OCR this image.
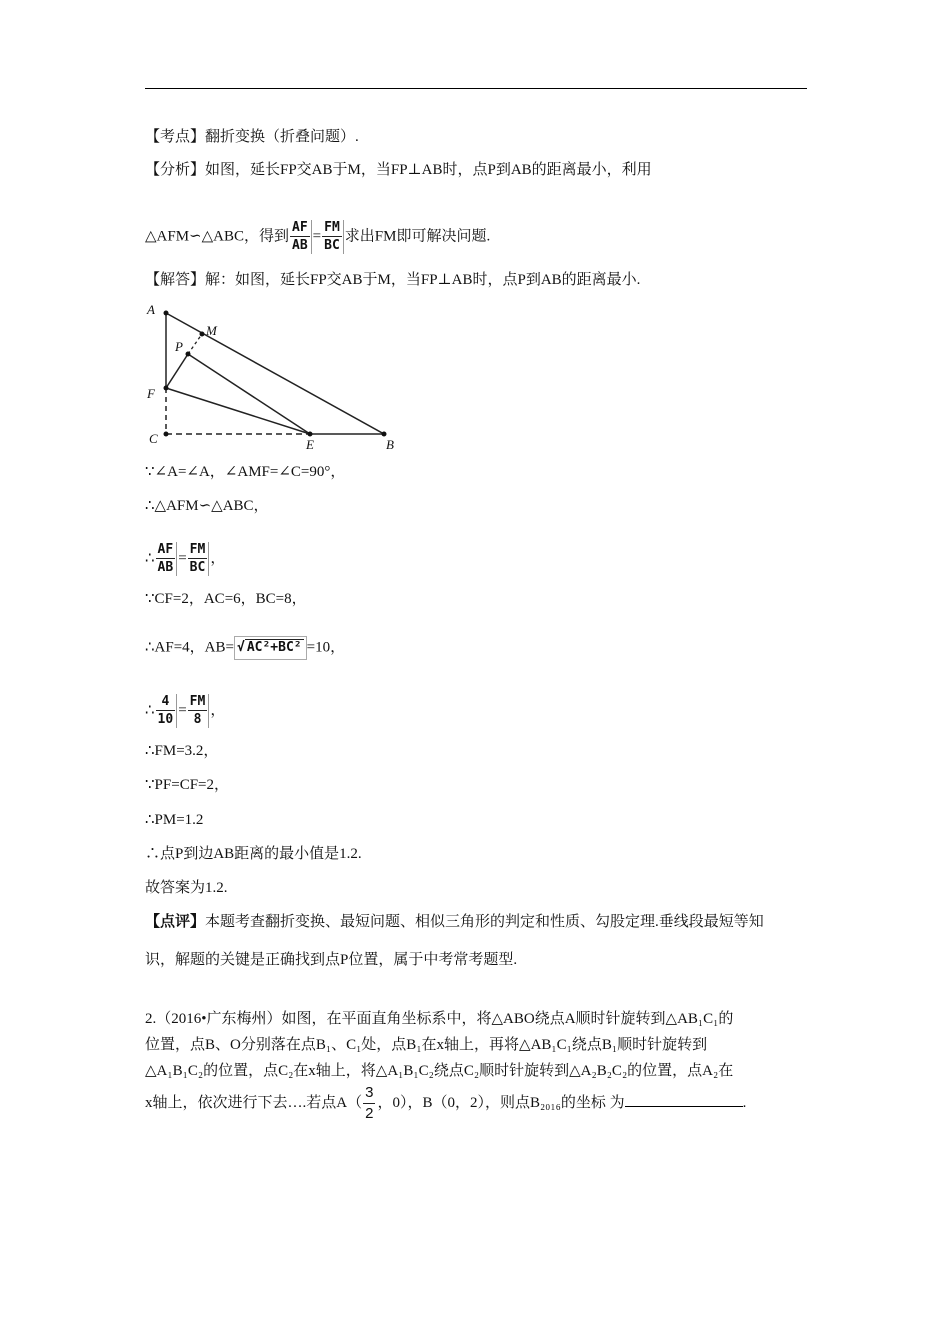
【考点】翻折变换（折叠问题）.
【分析】如图，延长FP交AB于M，当FP⊥AB时，点P到AB的距离最小，利用
△AFM∽△ABC，得到 $\frac{AF}{AB} = \frac{FM}{BC}$ 求出FM即可解决问题.
【解答】解：如图，延长FP交AB于M，当FP⊥AB时，点P到AB的距离最小.
A
M
P
F
C	E	B
∵∠A=∠A，∠AMF=∠C=90°，
∴△AFM∽△ABC，
∴ $\frac{AF}{AB} = \frac{FM}{BC}$ ，
∵CF=2，AC=6，BC=8，
∴AF=4，AB= √ AC²+BC² =10，
∴ $\frac{4}{10} = \frac{FM}{8}$ ，
∴FM=3.2，
∵PF=CF=2，
∴PM=1.2
∴点P到边AB距离的最小值是1.2.
故答案为1.2.
【点评】本题考查翻折变换、最短问题、相似三角形的判定和性质、勾股定理.垂线段最短等知
识，解题的关键是正确找到点P位置，属于中考常考题型.
2.（2016•广东梅州）如图，在平面直角坐标系中，将△ABO绕点A顺时针旋转到△AB₁C₁的
位置，点B、O分别落在点B₁、C₁处，点B₁在x轴上，再将△AB₁C₁绕点B₁顺时针旋转到
△A₁B₁C₂的位置，点C₂在x轴上，将△A₁B₁C₂绕点C₂顺时针旋转到△A₂B₂C₂的位置，点A₂在
x轴上，依次进行下去….若点$A( \frac{3}{2}$ ，0），B（0，2），则点B₂₀₁₆的坐标 为	.
